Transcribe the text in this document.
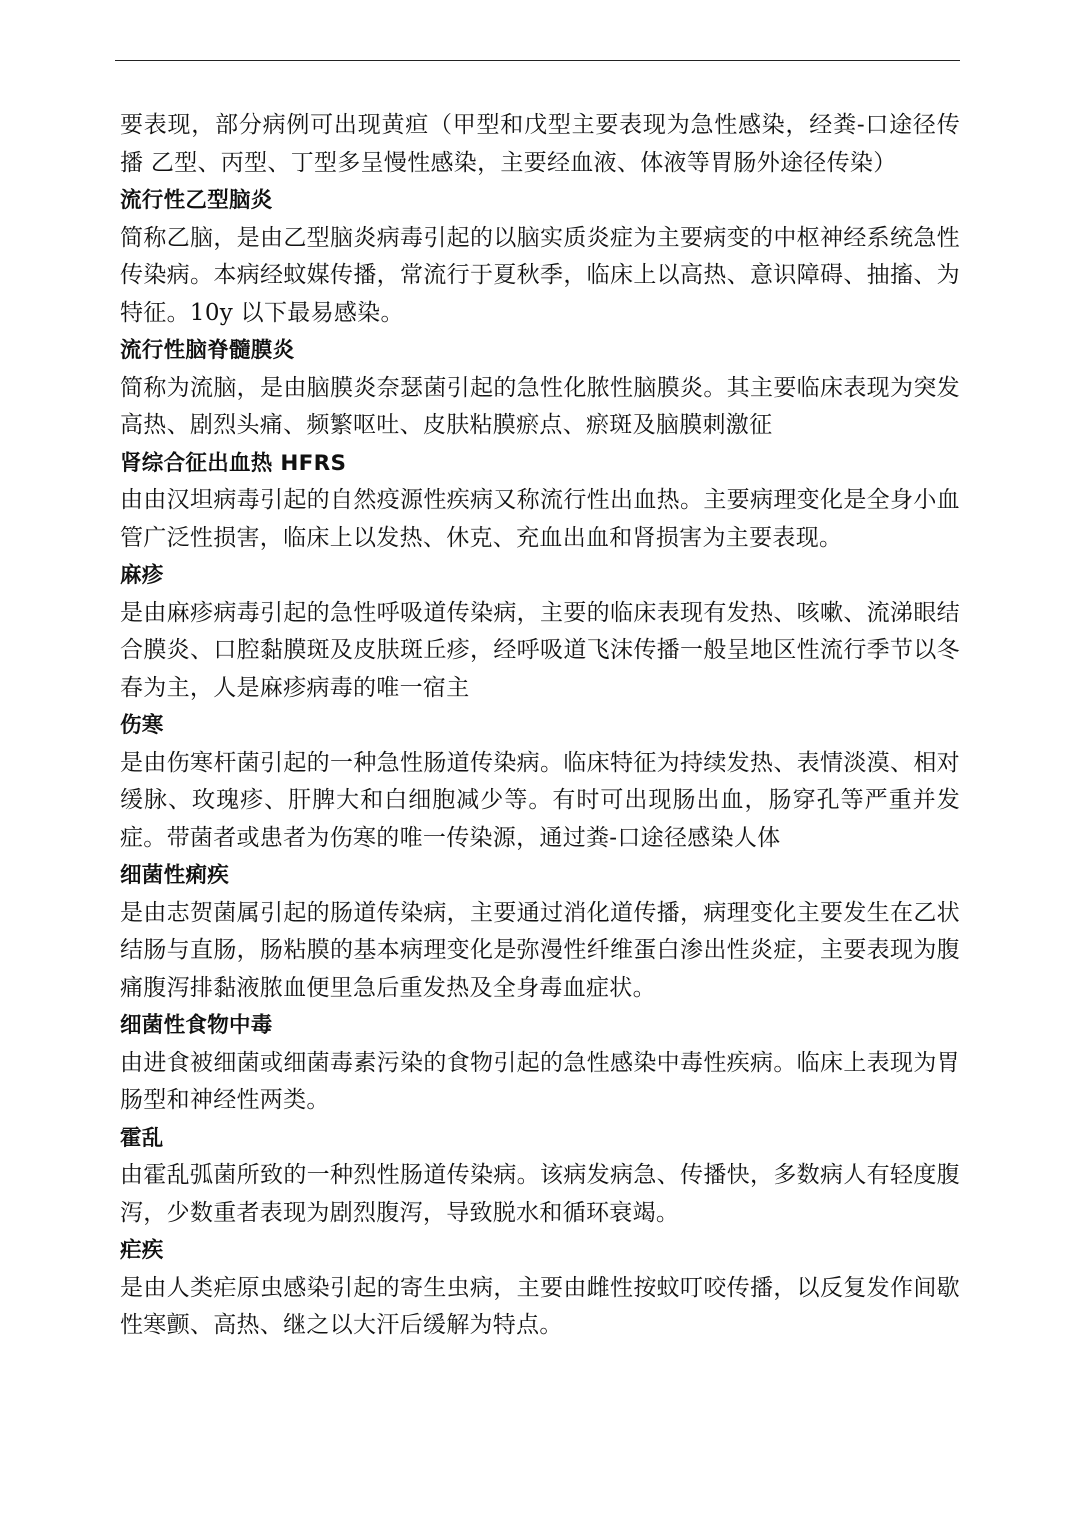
要表现，部分病例可出现黄疸（甲型和戊型主要表现为急性感染，经粪-口途径传播 乙型、丙型、丁型多呈慢性感染，主要经血液、体液等胃肠外途径传染）

流行性乙型脑炎

简称乙脑，是由乙型脑炎病毒引起的以脑实质炎症为主要病变的中枢神经系统急性传染病。本病经蚊媒传播，常流行于夏秋季，临床上以高热、意识障碍、抽搐、为特征。10y 以下最易感染。

流行性脑脊髓膜炎

简称为流脑，是由脑膜炎奈瑟菌引起的急性化脓性脑膜炎。其主要临床表现为突发高热、剧烈头痛、频繁呕吐、皮肤粘膜瘀点、瘀斑及脑膜刺激征

肾综合征出血热 HFRS

由由汉坦病毒引起的自然疫源性疾病又称流行性出血热。主要病理变化是全身小血管广泛性损害，临床上以发热、休克、充血出血和肾损害为主要表现。

麻疹

是由麻疹病毒引起的急性呼吸道传染病，主要的临床表现有发热、咳嗽、流涕眼结合膜炎、口腔黏膜斑及皮肤斑丘疹，经呼吸道飞沫传播一般呈地区性流行季节以冬春为主，人是麻疹病毒的唯一宿主

伤寒

是由伤寒杆菌引起的一种急性肠道传染病。临床特征为持续发热、表情淡漠、相对缓脉、玫瑰疹、肝脾大和白细胞减少等。有时可出现肠出血，肠穿孔等严重并发症。带菌者或患者为伤寒的唯一传染源，通过粪-口途径感染人体

细菌性痢疾

是由志贺菌属引起的肠道传染病，主要通过消化道传播，病理变化主要发生在乙状结肠与直肠，肠粘膜的基本病理变化是弥漫性纤维蛋白渗出性炎症，主要表现为腹痛腹泻排黏液脓血便里急后重发热及全身毒血症状。

细菌性食物中毒

由进食被细菌或细菌毒素污染的食物引起的急性感染中毒性疾病。临床上表现为胃肠型和神经性两类。

霍乱

由霍乱弧菌所致的一种烈性肠道传染病。该病发病急、传播快，多数病人有轻度腹泻，少数重者表现为剧烈腹泻，导致脱水和循环衰竭。

疟疾

是由人类疟原虫感染引起的寄生虫病，主要由雌性按蚊叮咬传播，以反复发作间歇性寒颤、高热、继之以大汗后缓解为特点。
